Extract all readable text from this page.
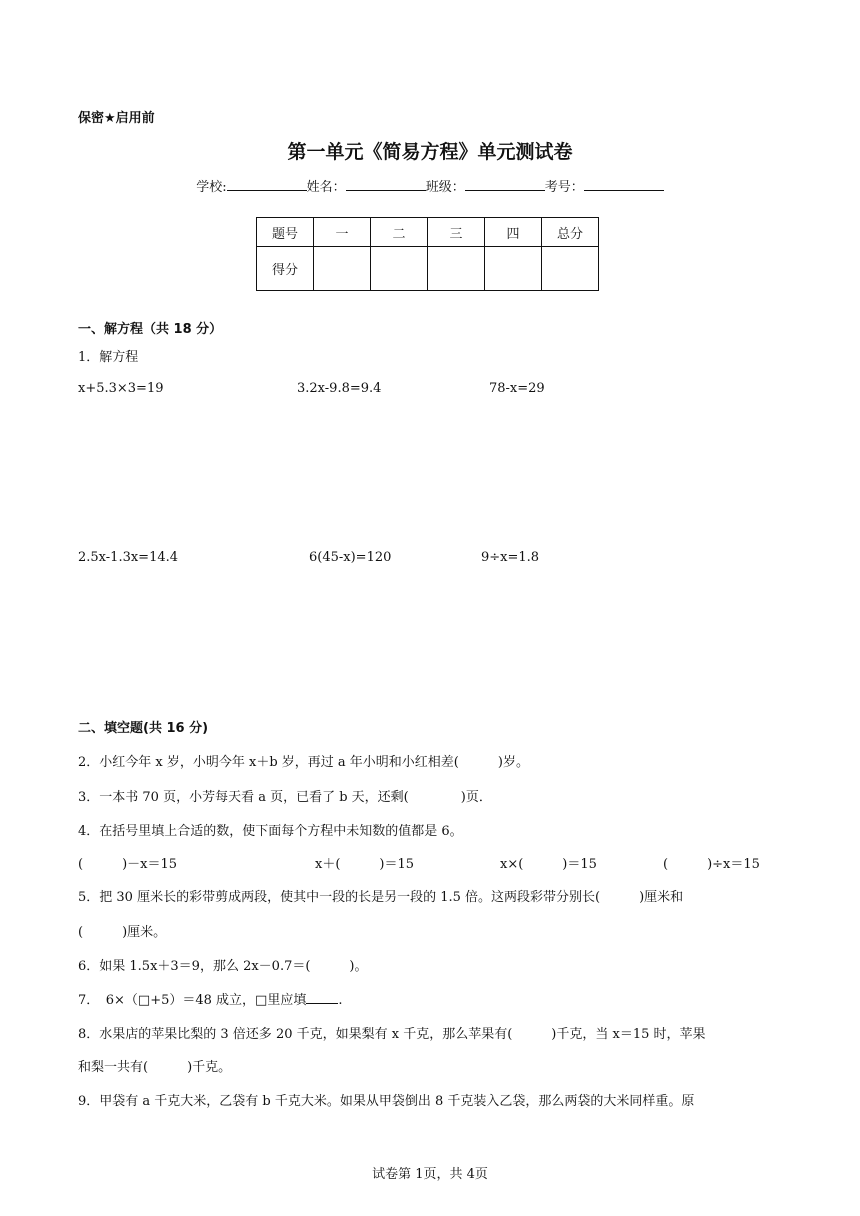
保密★启用前
第一单元《简易方程》单元测试卷
学校:	姓名：	班级：	考号：
题号	一	二	三	四	总分
得分					
一、解方程（共 18 分）
1．解方程
x+5.3×3=19	3.2x-9.8=9.4	78-x=29
2.5x-1.3x=14.4	6(45-x)=120	9÷x=1.8
二、填空题(共 16 分)
2．小红今年 x 岁，小明今年 x＋b 岁，再过 a 年小明和小红相差(　　　)岁。
3．一本书 70 页，小芳每天看 a 页，已看了 b 天，还剩(　　　　)页．
4．在括号里填上合适的数，使下面每个方程中未知数的值都是 6。
(　　　)－x＝15	x＋(　　　)＝15	x×(　　　)＝15	(　　　)÷x＝15
5．把 30 厘米长的彩带剪成两段，使其中一段的长是另一段的 1.5 倍。这两段彩带分别长(　　　)厘米和
(　　　)厘米。
6．如果 1.5x＋3＝9，那么 2x－0.7＝(　　　)。
7．　6×（□+5）＝48 成立，□里应填 .
8．水果店的苹果比梨的 3 倍还多 20 千克，如果梨有 x 千克，那么苹果有(　　　)千克，当 x＝15 时，苹果
和梨一共有(　　　)千克。
9．甲袋有 a 千克大米，乙袋有 b 千克大米。如果从甲袋倒出 8 千克装入乙袋，那么两袋的大米同样重。原
试卷第 1页，共 4页
